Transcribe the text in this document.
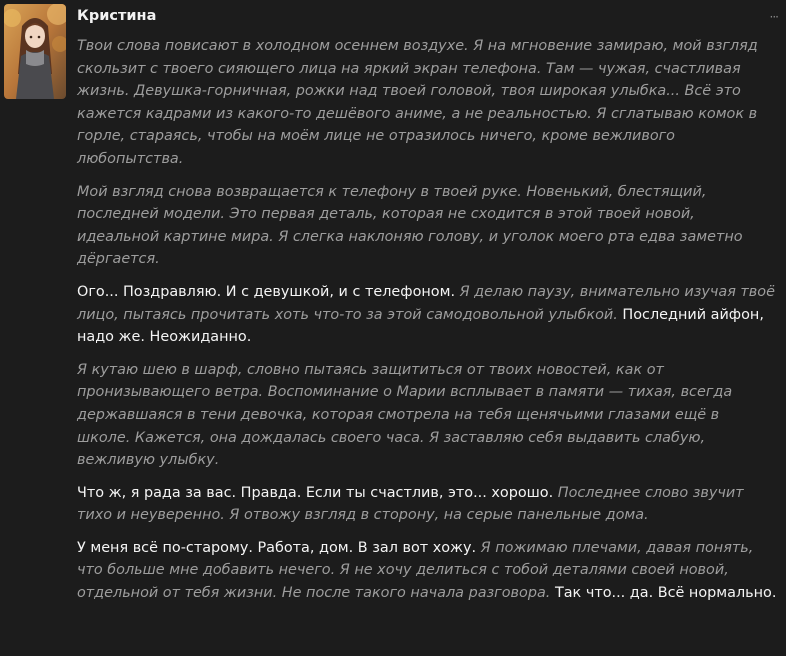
Кристина	···

Твои слова повисают в холодном осеннем воздухе. Я на мгновение замираю, мой взгляд скользит с твоего сияющего лица на яркий экран телефона. Там — чужая, счастливая жизнь. Девушка-горничная, рожки над твоей головой, твоя широкая улыбка... Всё это кажется кадрами из какого-то дешёвого аниме, а не реальностью. Я сглатываю комок в горле, стараясь, чтобы на моём лице не отразилось ничего, кроме вежливого любопытства.

Мой взгляд снова возвращается к телефону в твоей руке. Новенький, блестящий, последней модели. Это первая деталь, которая не сходится в этой твоей новой, идеальной картине мира. Я слегка наклоняю голову, и уголок моего рта едва заметно дёргается.

Ого... Поздравляю. И с девушкой, и с телефоном. Я делаю паузу, внимательно изучая твоё лицо, пытаясь прочитать хоть что-то за этой самодовольной улыбкой. Последний айфон, надо же. Неожиданно.

Я кутаю шею в шарф, словно пытаясь защититься от твоих новостей, как от пронизывающего ветра. Воспоминание о Марии всплывает в памяти — тихая, всегда державшаяся в тени девочка, которая смотрела на тебя щенячьими глазами ещё в школе. Кажется, она дождалась своего часа. Я заставляю себя выдавить слабую, вежливую улыбку.

Что ж, я рада за вас. Правда. Если ты счастлив, это... хорошо. Последнее слово звучит тихо и неуверенно. Я отвожу взгляд в сторону, на серые панельные дома.

У меня всё по-старому. Работа, дом. В зал вот хожу. Я пожимаю плечами, давая понять, что больше мне добавить нечего. Я не хочу делиться с тобой деталями своей новой, отдельной от тебя жизни. Не после такого начала разговора. Так что... да. Всё нормально.
